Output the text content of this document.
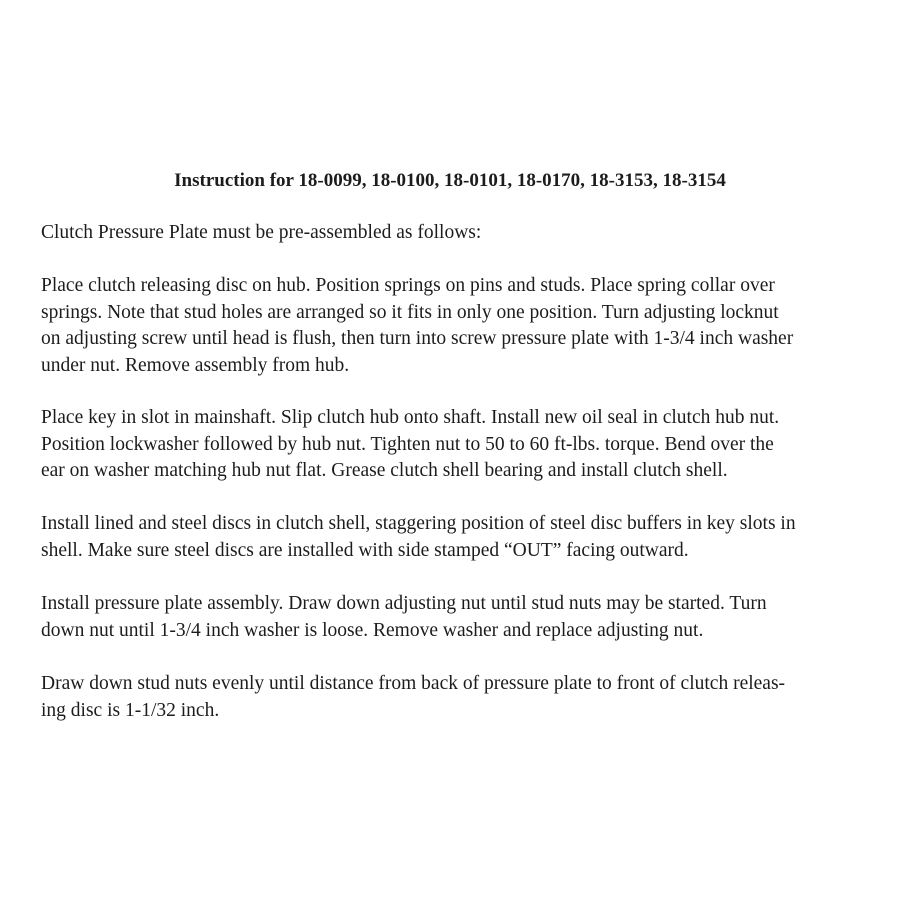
Instruction for 18-0099, 18-0100, 18-0101, 18-0170, 18-3153, 18-3154

Clutch Pressure Plate must be pre-assembled as follows:

Place clutch releasing disc on hub. Position springs on pins and studs. Place spring collar over
springs. Note that stud holes are arranged so it fits in only one position. Turn adjusting locknut
on adjusting screw until head is flush, then turn into screw pressure plate with 1-3/4 inch washer
under nut. Remove assembly from hub.

Place key in slot in mainshaft. Slip clutch hub onto shaft. Install new oil seal in clutch hub nut.
Position lockwasher followed by hub nut. Tighten nut to 50 to 60 ft-lbs. torque. Bend over the
ear on washer matching hub nut flat. Grease clutch shell bearing and install clutch shell.

Install lined and steel discs in clutch shell, staggering position of steel disc buffers in key slots in
shell. Make sure steel discs are installed with side stamped “OUT” facing outward.

Install pressure plate assembly. Draw down adjusting nut until stud nuts may be started. Turn
down nut until 1-3/4 inch washer is loose. Remove washer and replace adjusting nut.

Draw down stud nuts evenly until distance from back of pressure plate to front of clutch releas-
ing disc is 1-1/32 inch.
